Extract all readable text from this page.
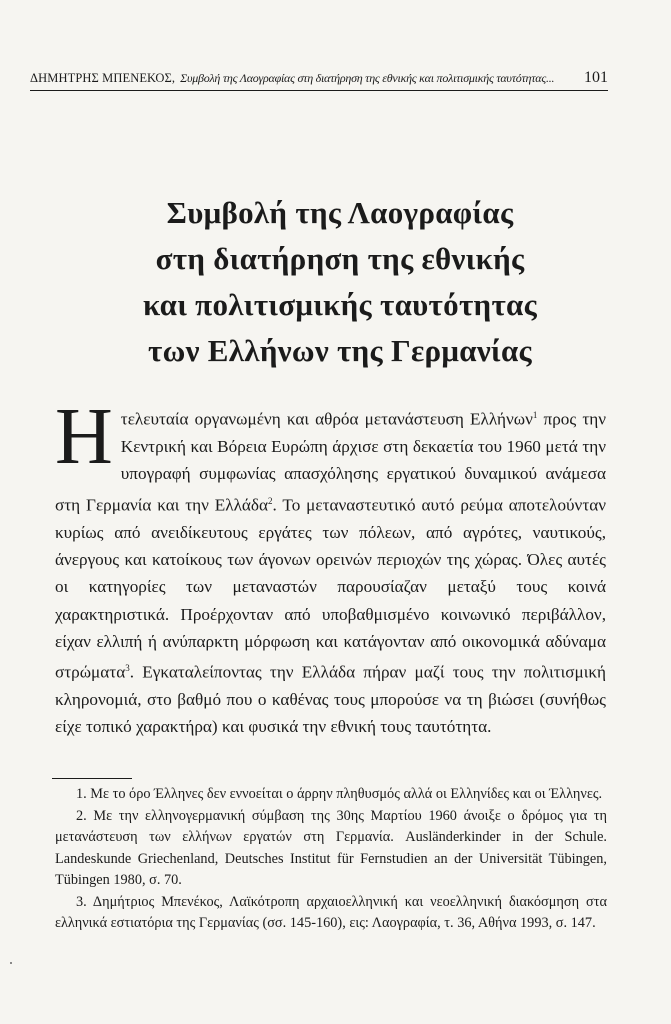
ΔΗΜΗΤΡΗΣ ΜΠΕΝΕΚΟΣ, Συμβολή της Λαογραφίας στη διατήρηση της εθνικής και πολιτισμικής ταυτότητας... 101
Συμβολή της Λαογραφίας
στη διατήρηση της εθνικής
και πολιτισμικής ταυτότητας
των Ελλήνων της Γερμανίας

Η τελευταία οργανωμένη και αθρόα μετανάστευση Ελλήνων$^1$ προς την Κεντρική και Βόρεια Ευρώπη άρχισε στη δεκαετία του 1960 μετά την υπογραφή συμφωνίας απασχόλησης εργατικού δυναμικού ανάμεσα στη Γερμανία και την Ελλάδα$^2$. Το μεταναστευτικό αυτό ρεύμα αποτελούνταν κυρίως από ανειδίκευτους εργάτες των πόλεων, από αγρότες, ναυτικούς, άνεργους και κατοίκους των άγονων ορεινών περιοχών της χώρας. Όλες αυτές οι κατηγορίες των μεταναστών παρουσίαζαν μεταξύ τους κοινά χαρακτηριστικά. Προέρχονταν από υποβαθμισμένο κοινωνικό περιβάλλον, είχαν ελλιπή ή ανύπαρκτη μόρφωση και κατάγονταν από οικονομικά αδύναμα στρώματα$^3$. Εγκαταλείποντας την Ελλάδα πήραν μαζί τους την πολιτισμική κληρονομιά, στο βαθμό που ο καθένας τους μπορούσε να τη βιώσει (συνήθως είχε τοπικό χαρακτήρα) και φυσικά την εθνική τους ταυτότητα.

1. Με το όρο Έλληνες δεν εννοείται ο άρρην πληθυσμός αλλά οι Ελληνίδες και οι Έλληνες.

2. Με την ελληνογερμανική σύμβαση της 30ης Μαρτίου 1960 άνοιξε ο δρόμος για τη μετανάστευση των ελλήνων εργατών στη Γερμανία. Ausländerkinder in der Schule. Landeskunde Griechenland, Deutsches Institut für Fernstudien an der Universität Tübingen, Tübingen 1980, σ. 70.

3. Δημήτριος Μπενέκος, Λαϊκότροπη αρχαιοελληνική και νεοελληνική διακόσμηση στα ελληνικά εστιατόρια της Γερμανίας (σσ. 145-160), εις: Λαογραφία, τ. 36, Αθήνα 1993, σ. 147.
